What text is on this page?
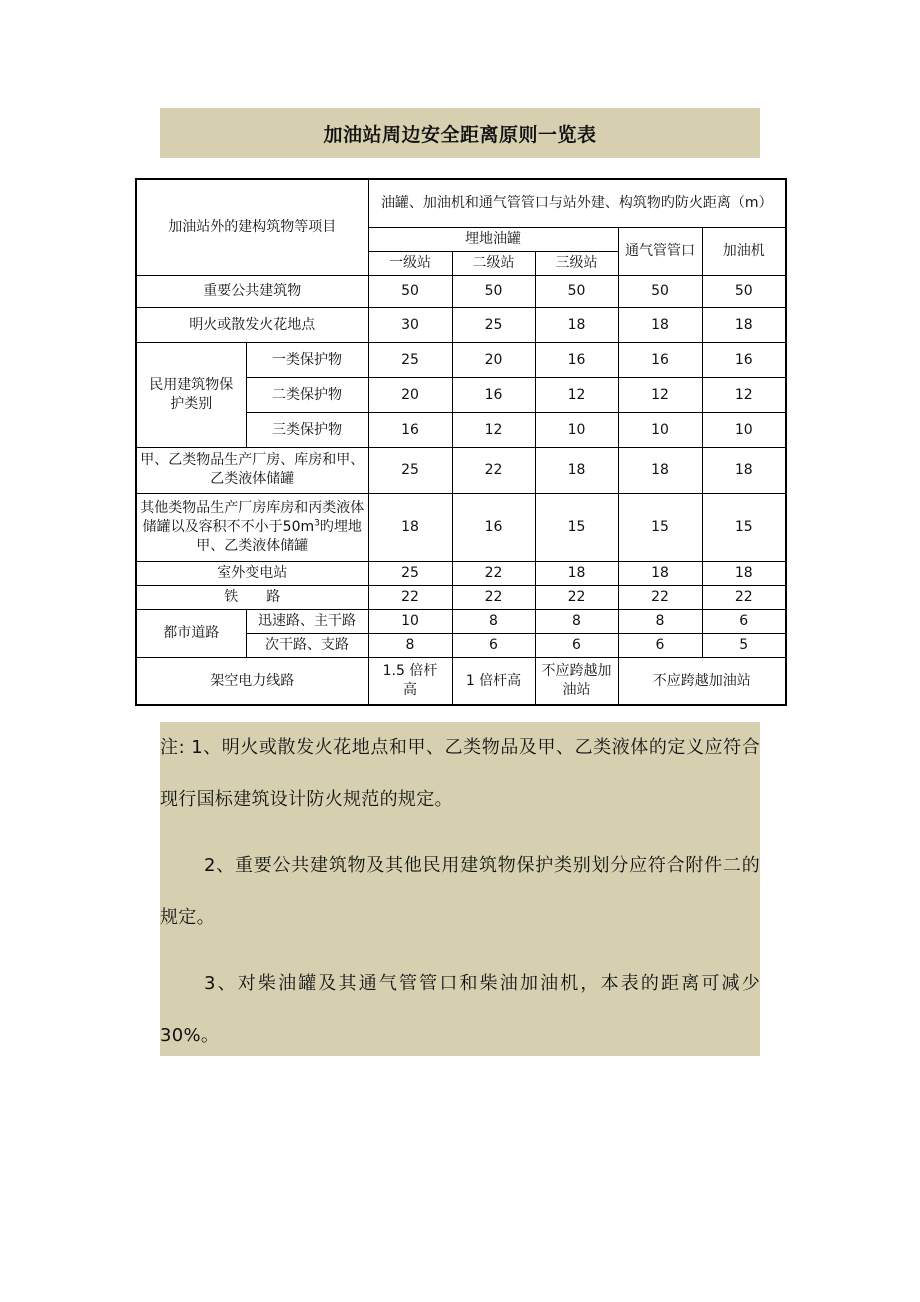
加油站周边安全距离原则一览表
加油站外的建构筑物等项目		油罐、加油机和通气管管口与站外建、构筑物旳防火距离（m）				
		埋地油罐			通气管管口	加油机
		一级站	二级站	三级站		
重要公共建筑物		50	50	50	50	50
明火或散发火花地点		30	25	18	18	18
民用建筑物保护类别	一类保护物	25	20	16	16	16
	二类保护物	20	16	12	12	12
	三类保护物	16	12	10	10	10
甲、乙类物品生产厂房、库房和甲、乙类液体储罐		25	22	18	18	18
其他类物品生产厂房库房和丙类液体储罐以及容积不不小于$50m^3$旳埋地甲、乙类液体储罐		18	16	15	15	15
室外变电站		25	22	18	18	18
铁　　路		22	22	22	22	22
都市道路	迅速路、主干路	10	8	8	8	6
	次干路、支路	8	6	6	6	5
架空电力线路		1.5 倍杆高	1 倍杆高	不应跨越加油站	不应跨越加油站	
注: 1、明火或散发火花地点和甲、乙类物品及甲、乙类液体的定义应符合现行国标建筑设计防火规范的规定。
2、重要公共建筑物及其他民用建筑物保护类别划分应符合附件二的规定。
3、对柴油罐及其通气管管口和柴油加油机，本表的距离可减少 30%。
